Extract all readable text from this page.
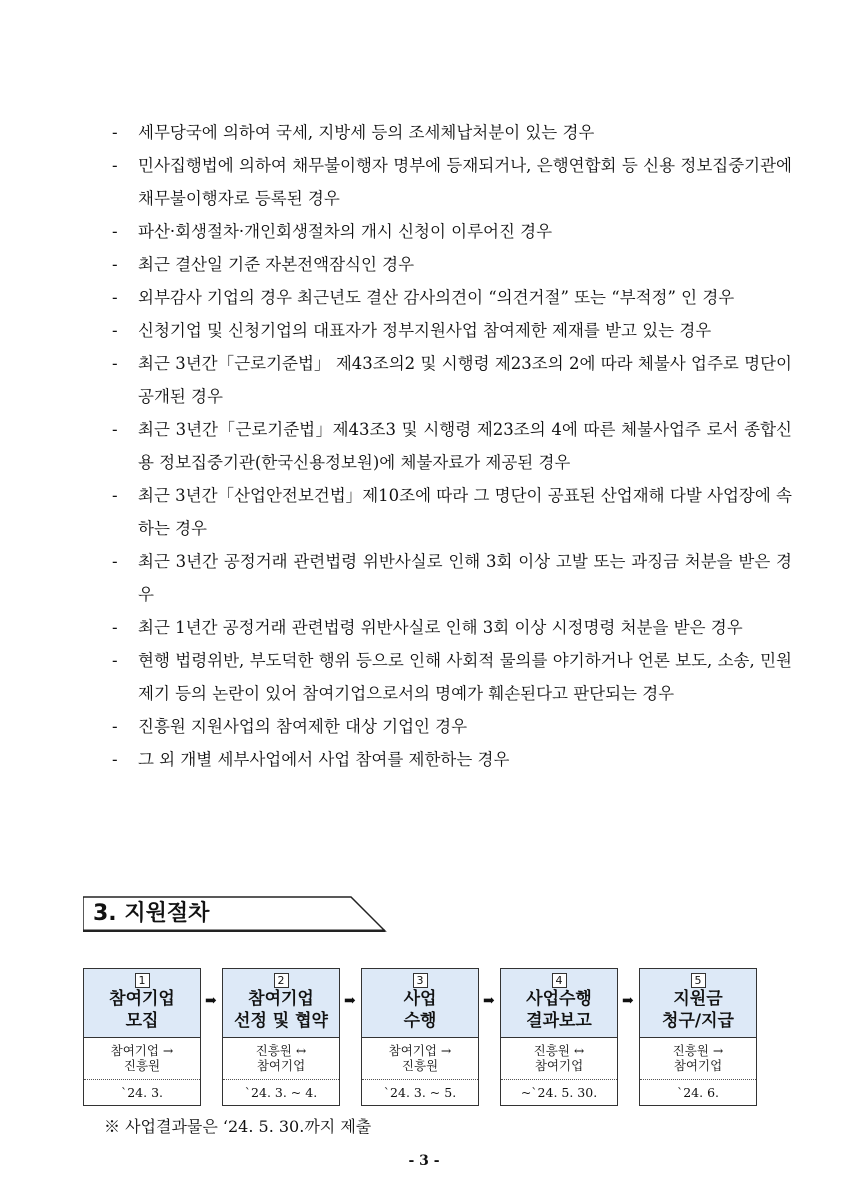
-	세무당국에 의하여 국세, 지방세 등의 조세체납처분이 있는 경우
-	민사집행법에 의하여 채무불이행자 명부에 등재되거나, 은행연합회 등 신용 정보집중기관에 채무불이행자로 등록된 경우
-	파산·회생절차·개인회생절차의 개시 신청이 이루어진 경우
-	최근 결산일 기준 자본전액잠식인 경우
-	외부감사 기업의 경우 최근년도 결산 감사의견이 “의견거절” 또는 “부적정” 인 경우
-	신청기업 및 신청기업의 대표자가 정부지원사업 참여제한 제재를 받고 있는 경우
-	최근 3년간「근로기준법」 제43조의2 및 시행령 제23조의 2에 따라 체불사 업주로 명단이 공개된 경우
-	최근 3년간「근로기준법」제43조3 및 시행령 제23조의 4에 따른 체불사업주 로서 종합신용 정보집중기관(한국신용정보원)에 체불자료가 제공된 경우
-	최근 3년간「산업안전보건법」제10조에 따라 그 명단이 공표된 산업재해 다발 사업장에 속하는 경우
-	최근 3년간 공정거래 관련법령 위반사실로 인해 3회 이상 고발 또는 과징금 처분을 받은 경우
-	최근 1년간 공정거래 관련법령 위반사실로 인해 3회 이상 시정명령 처분을 받은 경우
-	현행 법령위반, 부도덕한 행위 등으로 인해 사회적 물의를 야기하거나 언론 보도, 소송, 민원제기 등의 논란이 있어 참여기업으로서의 명예가 훼손된다고 판단되는 경우
-	진흥원 지원사업의 참여제한 대상 기업인 경우
-	그 외 개별 세부사업에서 사업 참여를 제한하는 경우
3. 지원절차
1
참여기업
모집
참여기업 →
진흥원
`24. 3.
➡
2
참여기업
선정 및 협약
진흥원 ↔
참여기업
`24. 3. ~ 4.
➡
3
사업
수행
참여기업 →
진흥원
`24. 3. ~ 5.
➡
4
사업수행
결과보고
진흥원 ↔
참여기업
~`24. 5. 30.
➡
5
지원금
청구/지급
진흥원 →
참여기업
`24. 6.
※ 사업결과물은 ‘24. 5. 30.까지 제출
- 3 -
